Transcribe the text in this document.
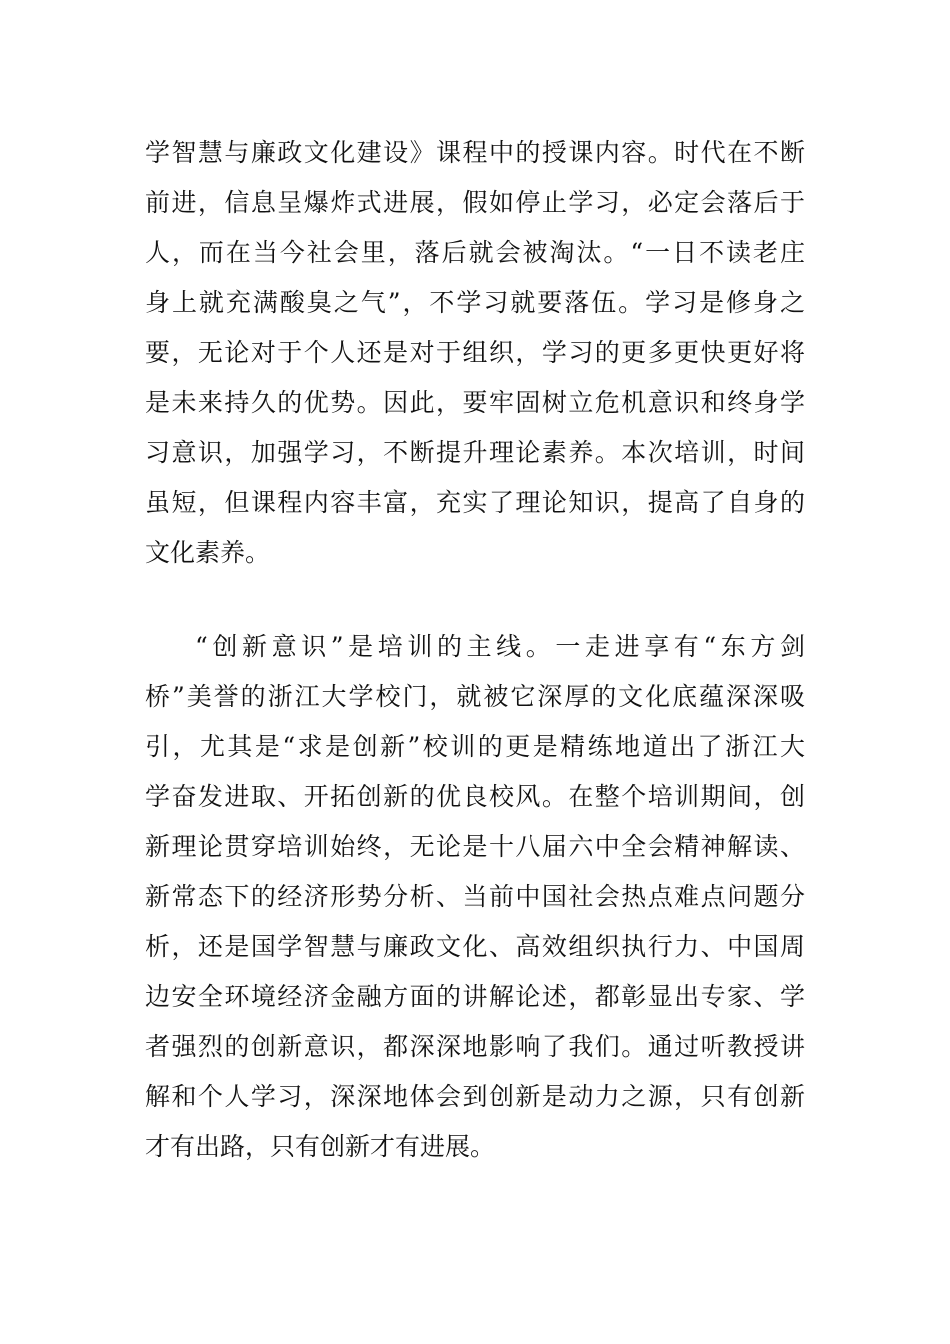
学智慧与廉政文化建设》课程中的授课内容。时代在不断
前进，信息呈爆炸式进展，假如停止学习，必定会落后于
人，而在当今社会里，落后就会被淘汰。“一日不读老庄
身上就充满酸臭之气”，不学习就要落伍。学习是修身之
要，无论对于个人还是对于组织，学习的更多更快更好将
是未来持久的优势。因此，要牢固树立危机意识和终身学
习意识，加强学习，不断提升理论素养。本次培训，时间
虽短，但课程内容丰富，充实了理论知识，提高了自身的
文化素养。

“创新意识”是培训的主线。一走进享有“东方剑
桥”美誉的浙江大学校门，就被它深厚的文化底蕴深深吸
引，尤其是“求是创新”校训的更是精练地道出了浙江大
学奋发进取、开拓创新的优良校风。在整个培训期间，创
新理论贯穿培训始终，无论是十八届六中全会精神解读、
新常态下的经济形势分析、当前中国社会热点难点问题分
析，还是国学智慧与廉政文化、高效组织执行力、中国周
边安全环境经济金融方面的讲解论述，都彰显出专家、学
者强烈的创新意识，都深深地影响了我们。通过听教授讲
解和个人学习，深深地体会到创新是动力之源，只有创新
才有出路，只有创新才有进展。
